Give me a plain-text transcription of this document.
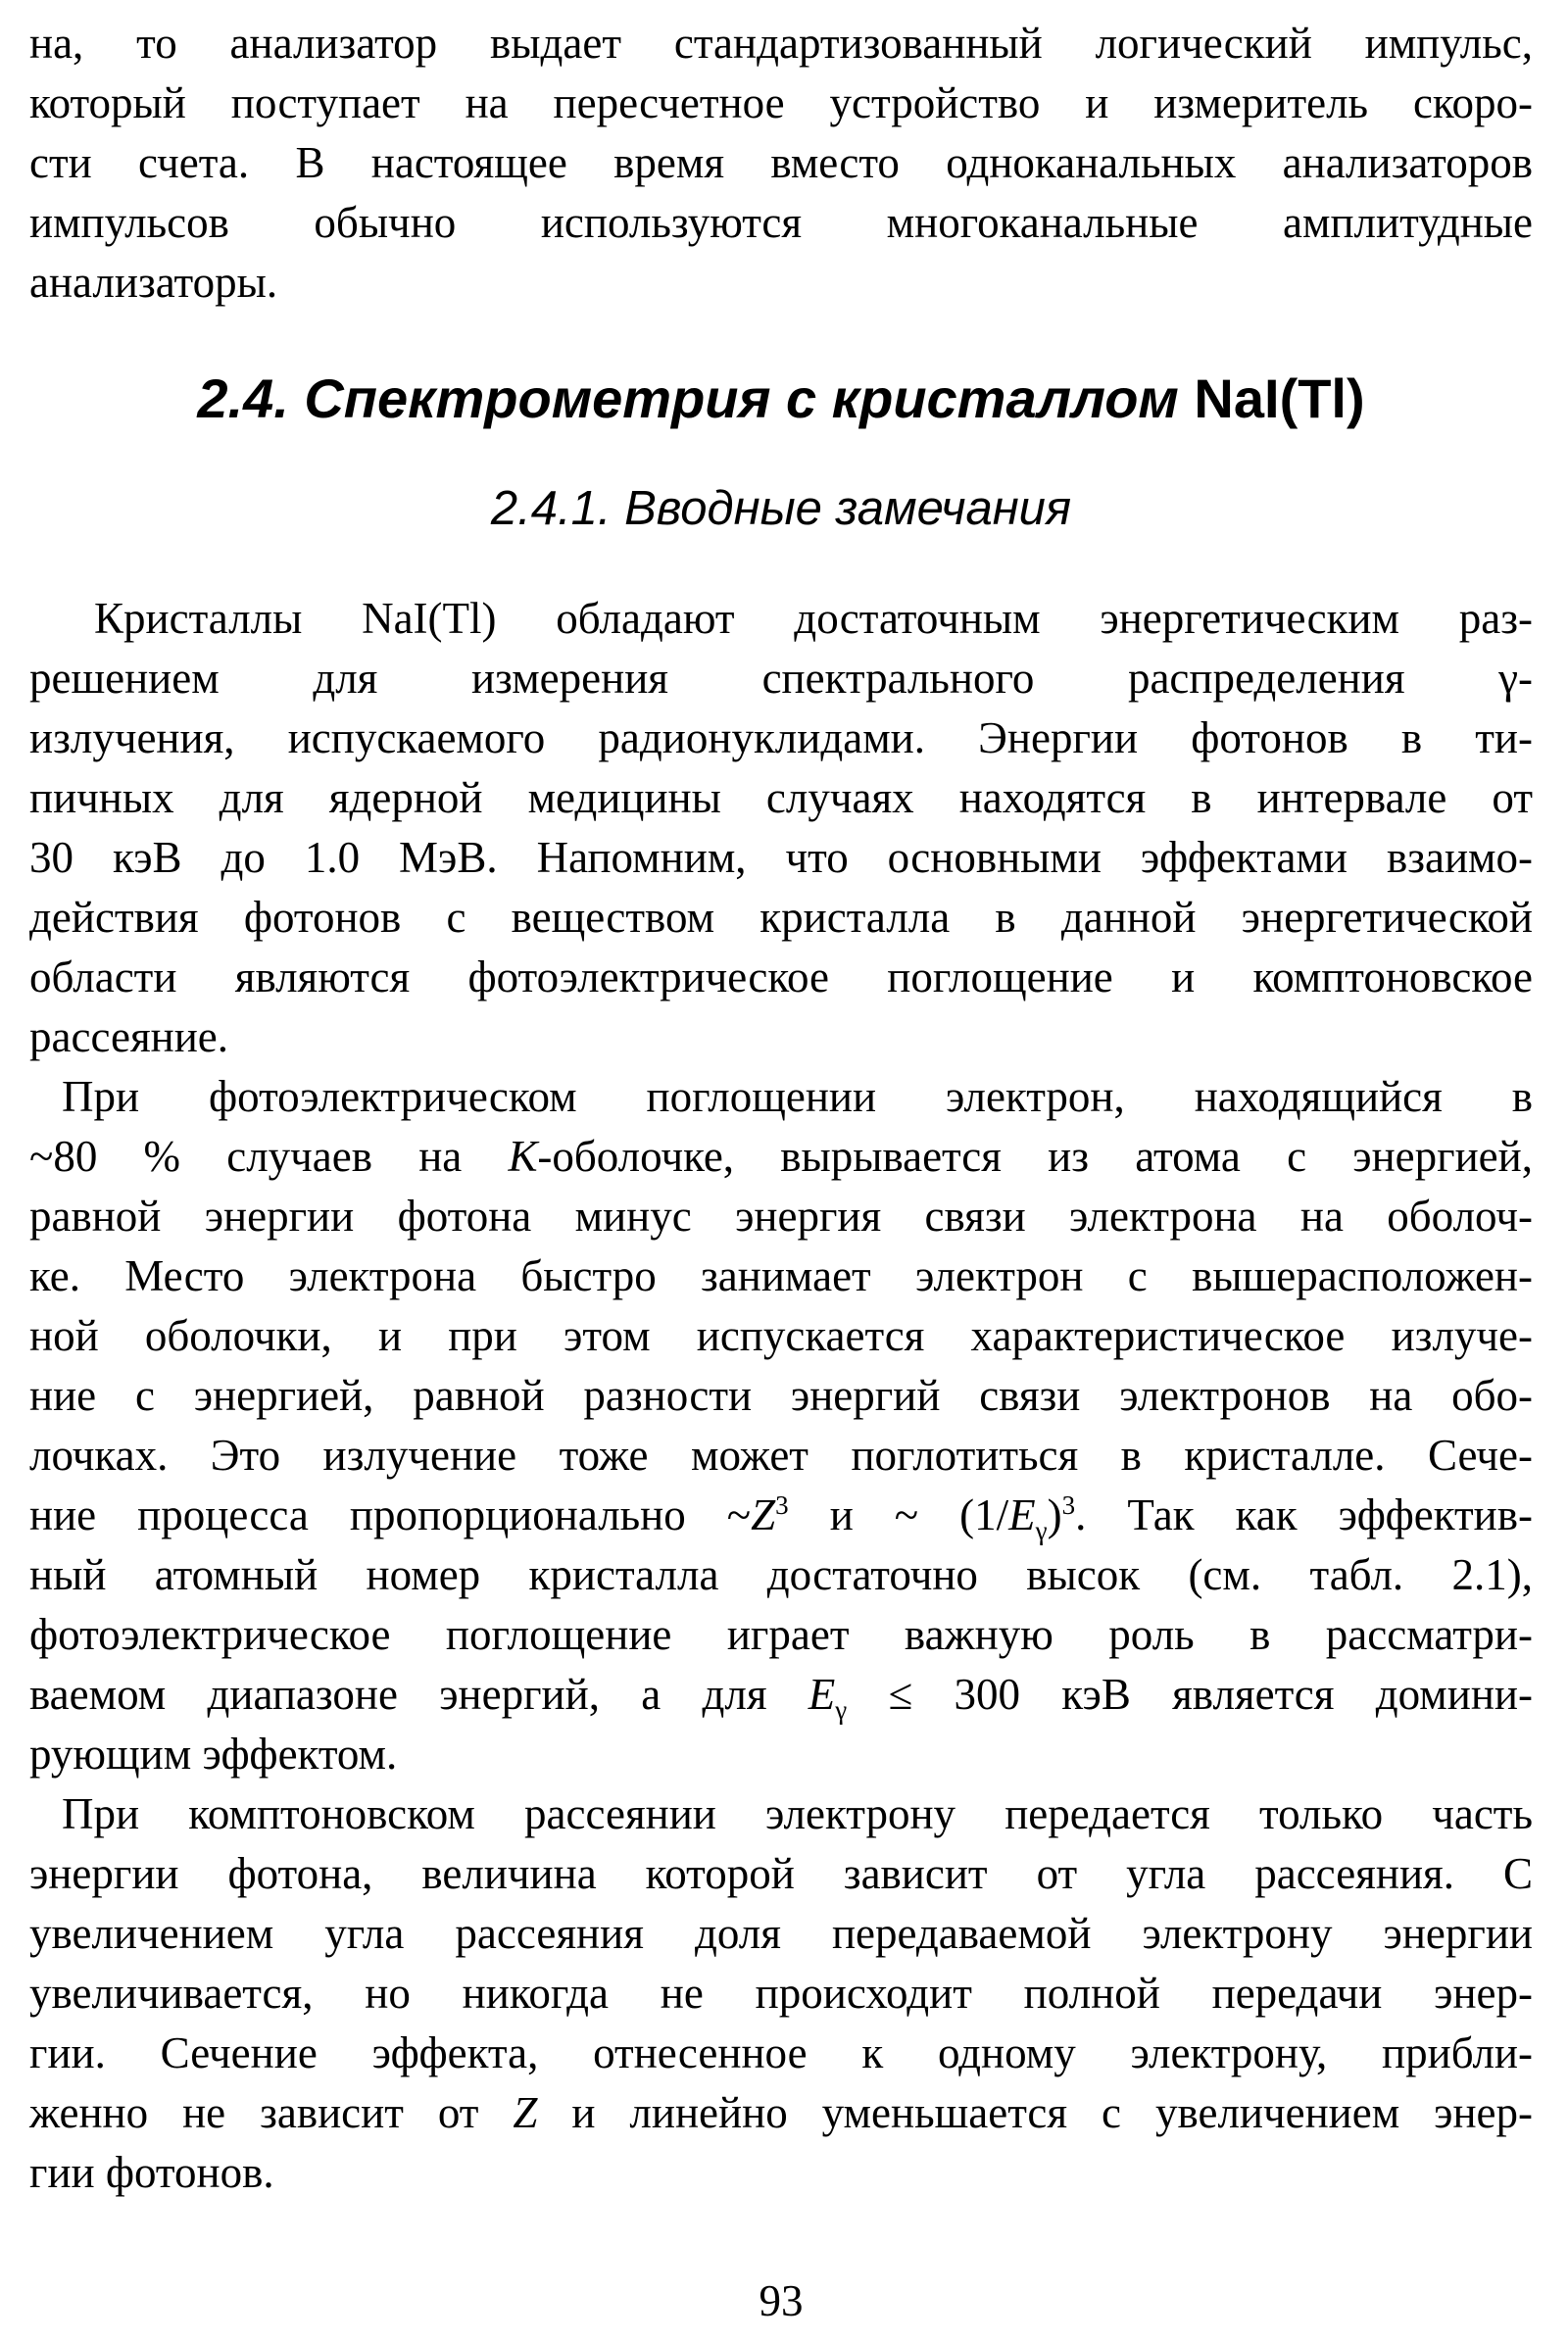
на, то анализатор выдает стандартизованный логический импульс,
который поступает на пересчетное устройство и измеритель скоро-
сти счета. В настоящее время вместо одноканальных анализаторов
импульсов обычно используются многоканальные амплитудные
анализаторы.
2.4. Спектрометрия с кристаллом NaI(Tl)
2.4.1. Вводные замечания
Кристаллы NaI(Tl) обладают достаточным энергетическим раз-
решением для измерения спектрального распределения γ-
излучения, испускаемого радионуклидами. Энергии фотонов в ти-
пичных для ядерной медицины случаях находятся в интервале от
30 кэВ до 1.0 МэВ. Напомним, что основными эффектами взаимо-
действия фотонов с веществом кристалла в данной энергетической
области являются фотоэлектрическое поглощение и комптоновское
рассеяние.
При фотоэлектрическом поглощении электрон, находящийся в
~80 % случаев на К-оболочке, вырывается из атома с энергией,
равной энергии фотона минус энергия связи электрона на оболоч-
ке. Место электрона быстро занимает электрон с вышерасположен-
ной оболочки, и при этом испускается характеристическое излуче-
ние с энергией, равной разности энергий связи электронов на обо-
лочках. Это излучение тоже может поглотиться в кристалле. Сече-
ние процесса пропорционально $\sim Z^3$ и ~ $(1/E_\gamma)^3$. Так как эффектив-
ный атомный номер кристалла достаточно высок (см. табл. 2.1),
фотоэлектрическое поглощение играет важную роль в рассматри-
ваемом диапазоне энергий, а для $E_\gamma \le 300$ кэВ является домини-
рующим эффектом.
При комптоновском рассеянии электрону передается только часть
энергии фотона, величина которой зависит от угла рассеяния. С
увеличением угла рассеяния доля передаваемой электрону энергии
увеличивается, но никогда не происходит полной передачи энер-
гии. Сечение эффекта, отнесенное к одному электрону, прибли-
женно не зависит от Z и линейно уменьшается с увеличением энер-
гии фотонов.
93
